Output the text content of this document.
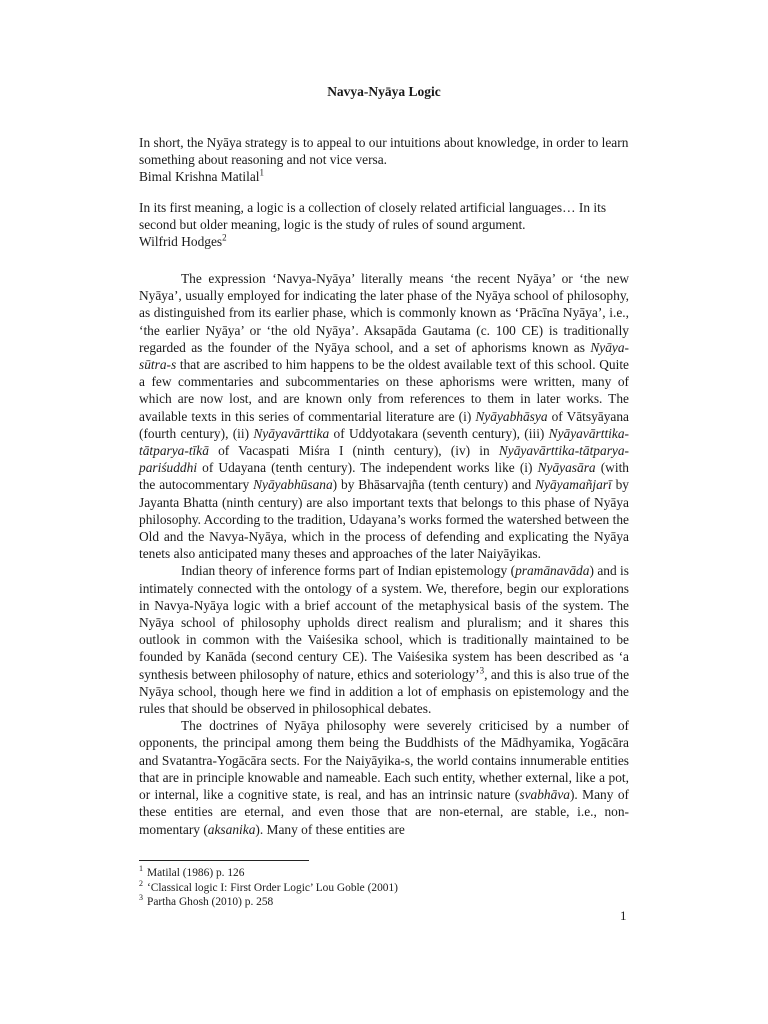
Navya-Nyāya Logic

In short, the Nyāya strategy is to appeal to our intuitions about knowledge, in order to learn something about reasoning and not vice versa.

Bimal Krishna Matilal$^1$

In its first meaning, a logic is a collection of closely related artificial languages… In its second but older meaning, logic is the study of rules of sound argument.

Wilfrid Hodges$^2$

The expression ‘Navya-Nyāya’ literally means ‘the recent Nyāya’ or ‘the new Nyāya’, usually employed for indicating the later phase of the Nyāya school of philosophy, as distinguished from its earlier phase, which is commonly known as ‘Prācīna Nyāya’, i.e., ‘the earlier Nyāya’ or ‘the old Nyāya’. Aksapāda Gautama (c. 100 CE) is traditionally regarded as the founder of the Nyāya school, and a set of aphorisms known as Nyāya-sūtra-s that are ascribed to him happens to be the oldest available text of this school. Quite a few commentaries and subcommentaries on these aphorisms were written, many of which are now lost, and are known only from references to them in later works. The available texts in this series of commentarial literature are (i) Nyāyabhāsya of Vātsyāyana (fourth century), (ii) Nyāyavārttika of Uddyotakara (seventh century), (iii) Nyāyavārttika-tātparya-tīkā of Vacaspati Miśra I (ninth century), (iv) in Nyāyavārttika-tātparya-pariśuddhi of Udayana (tenth century). The independent works like (i) Nyāyasāra (with the autocommentary Nyāyabhūsana) by Bhāsarvajña (tenth century) and Nyāyamañjarī by Jayanta Bhatta (ninth century) are also important texts that belongs to this phase of Nyāya philosophy. According to the tradition, Udayana’s works formed the watershed between the Old and the Navya-Nyāya, which in the process of defending and explicating the Nyāya tenets also anticipated many theses and approaches of the later Naiyāyikas.

Indian theory of inference forms part of Indian epistemology (pramānavāda) and is intimately connected with the ontology of a system. We, therefore, begin our explorations in Navya-Nyāya logic with a brief account of the metaphysical basis of the system. The Nyāya school of philosophy upholds direct realism and pluralism; and it shares this outlook in common with the Vaiśesika school, which is traditionally maintained to be founded by Kanāda (second century CE). The Vaiśesika system has been described as ‘a synthesis between philosophy of nature, ethics and soteriology’$^3$, and this is also true of the Nyāya school, though here we find in addition a lot of emphasis on epistemology and the rules that should be observed in philosophical debates.

The doctrines of Nyāya philosophy were severely criticised by a number of opponents, the principal among them being the Buddhists of the Mādhyamika, Yogācāra and Svatantra-Yogācāra sects. For the Naiyāyika-s, the world contains innumerable entities that are in principle knowable and nameable. Each such entity, whether external, like a pot, or internal, like a cognitive state, is real, and has an intrinsic nature (svabhāva). Many of these entities are eternal, and even those that are non-eternal, are stable, i.e., non-momentary (aksanika). Many of these entities are

$^1$ Matilal (1986) p. 126
$^2$ ‘Classical logic I: First Order Logic’ Lou Goble (2001)
$^3$ Partha Ghosh (2010) p. 258
1
